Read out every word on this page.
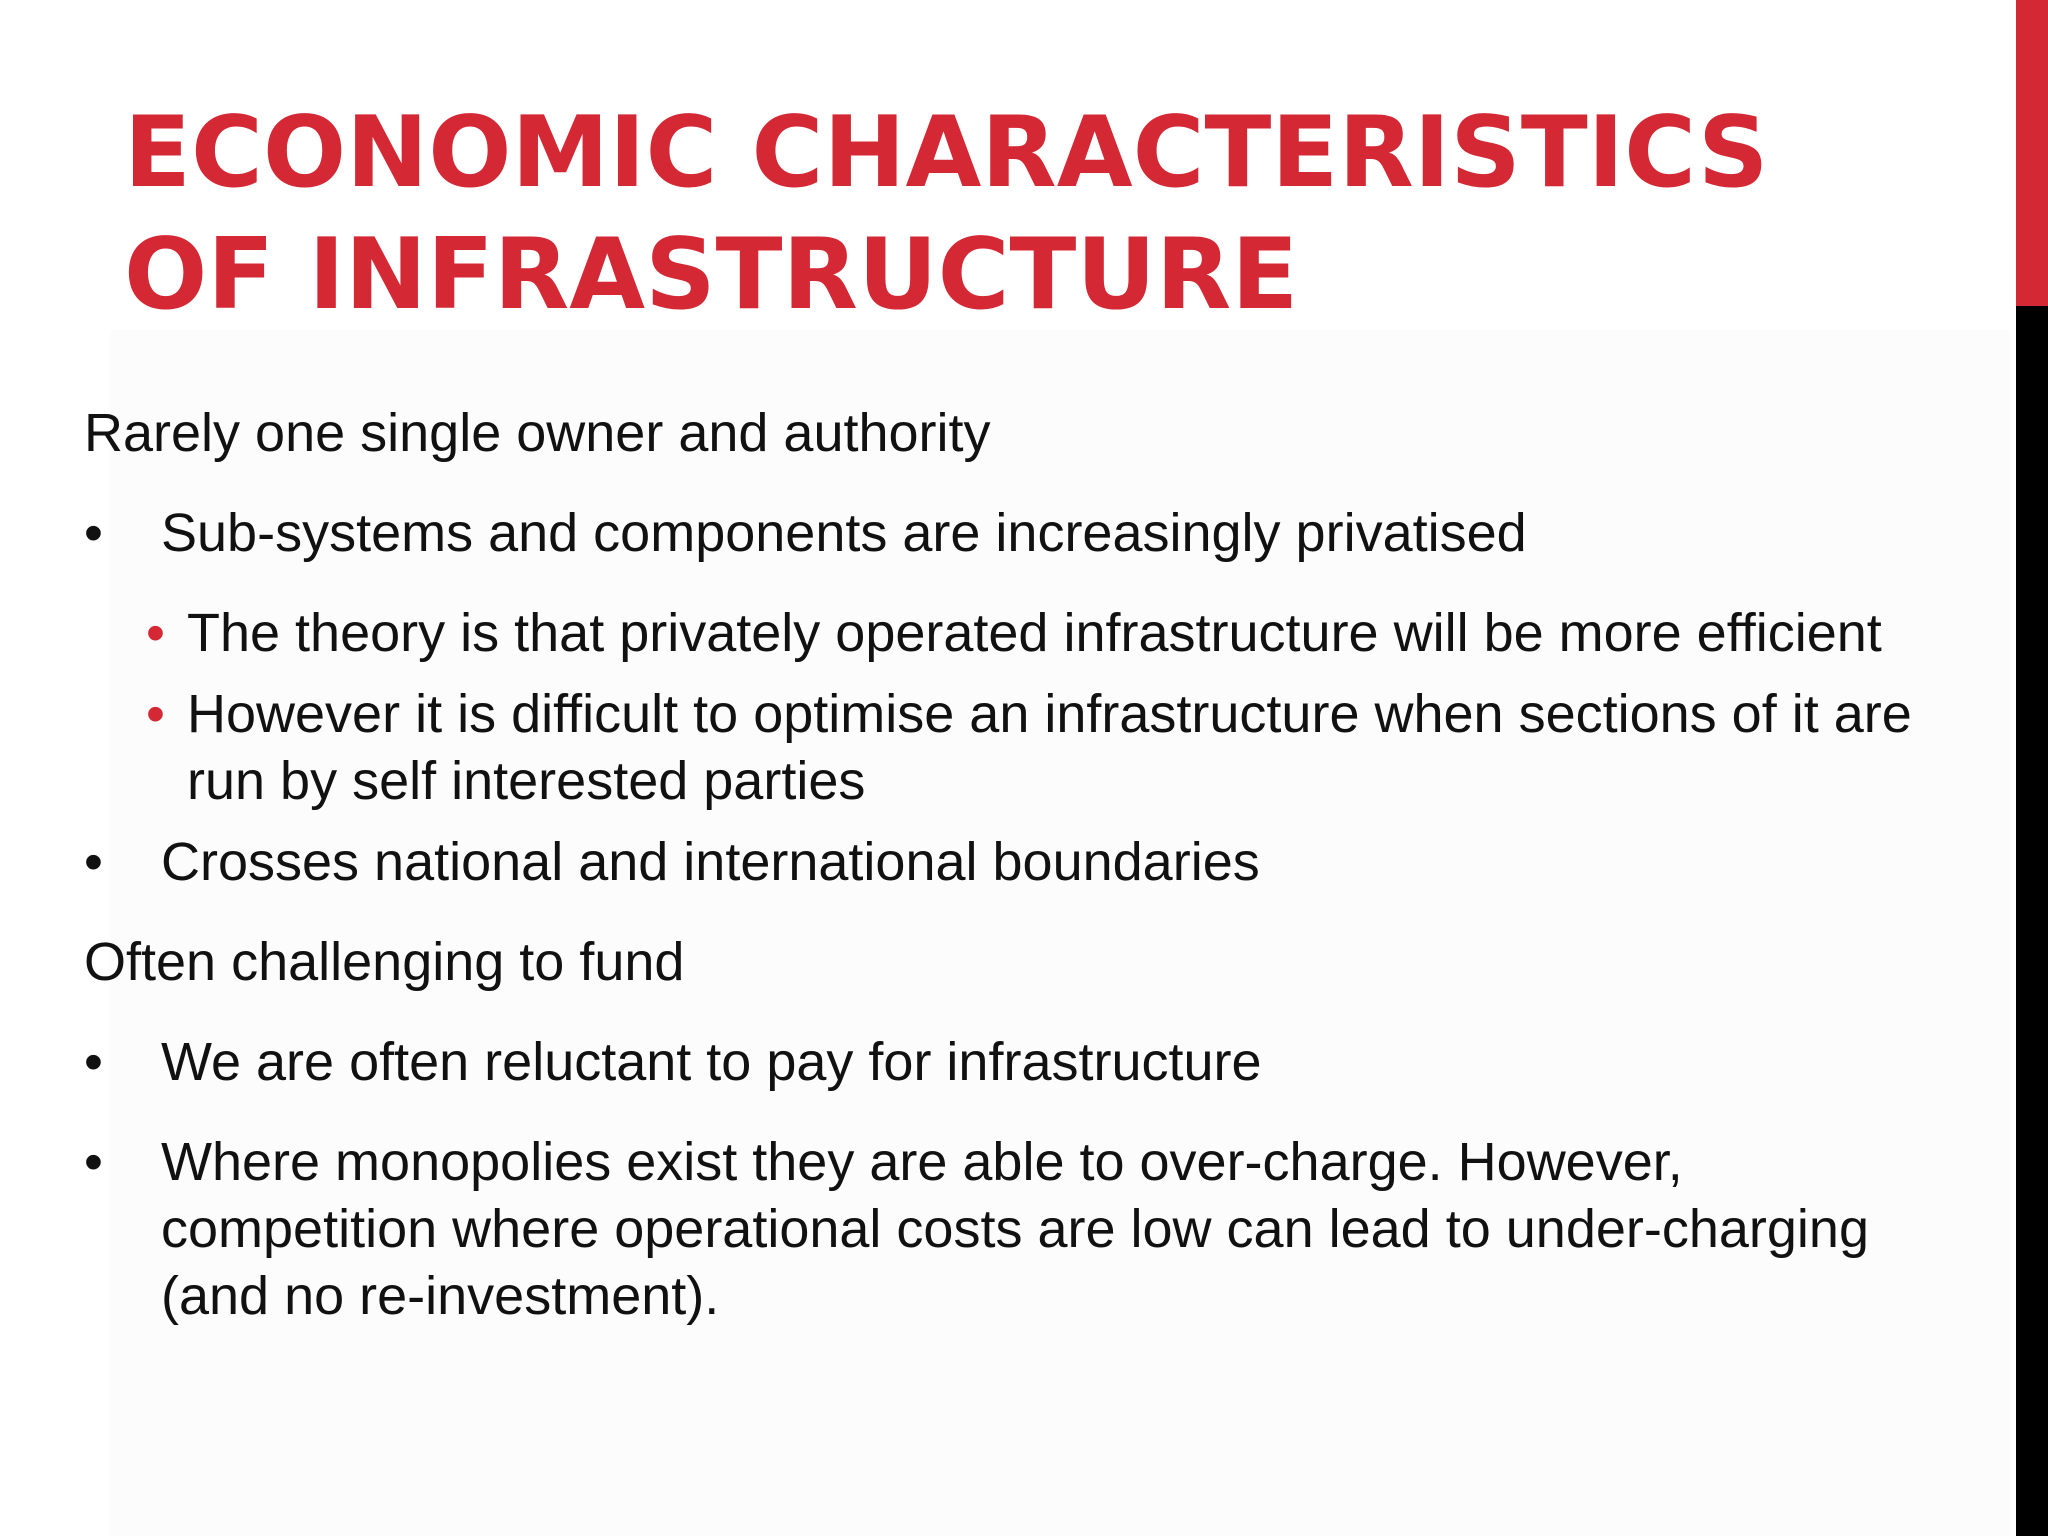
ECONOMIC CHARACTERISTICS
OF INFRASTRUCTURE
Rarely one single owner and authority
• Sub-systems and components are increasingly privatised
• The theory is that privately operated infrastructure will be more efficient
• However it is difficult to optimise an infrastructure when sections of it are run by self interested parties
• Crosses national and international boundaries
Often challenging to fund
• We are often reluctant to pay for infrastructure
• Where monopolies exist they are able to over-charge. However, competition where operational costs are low can lead to under-charging (and no re-investment).
